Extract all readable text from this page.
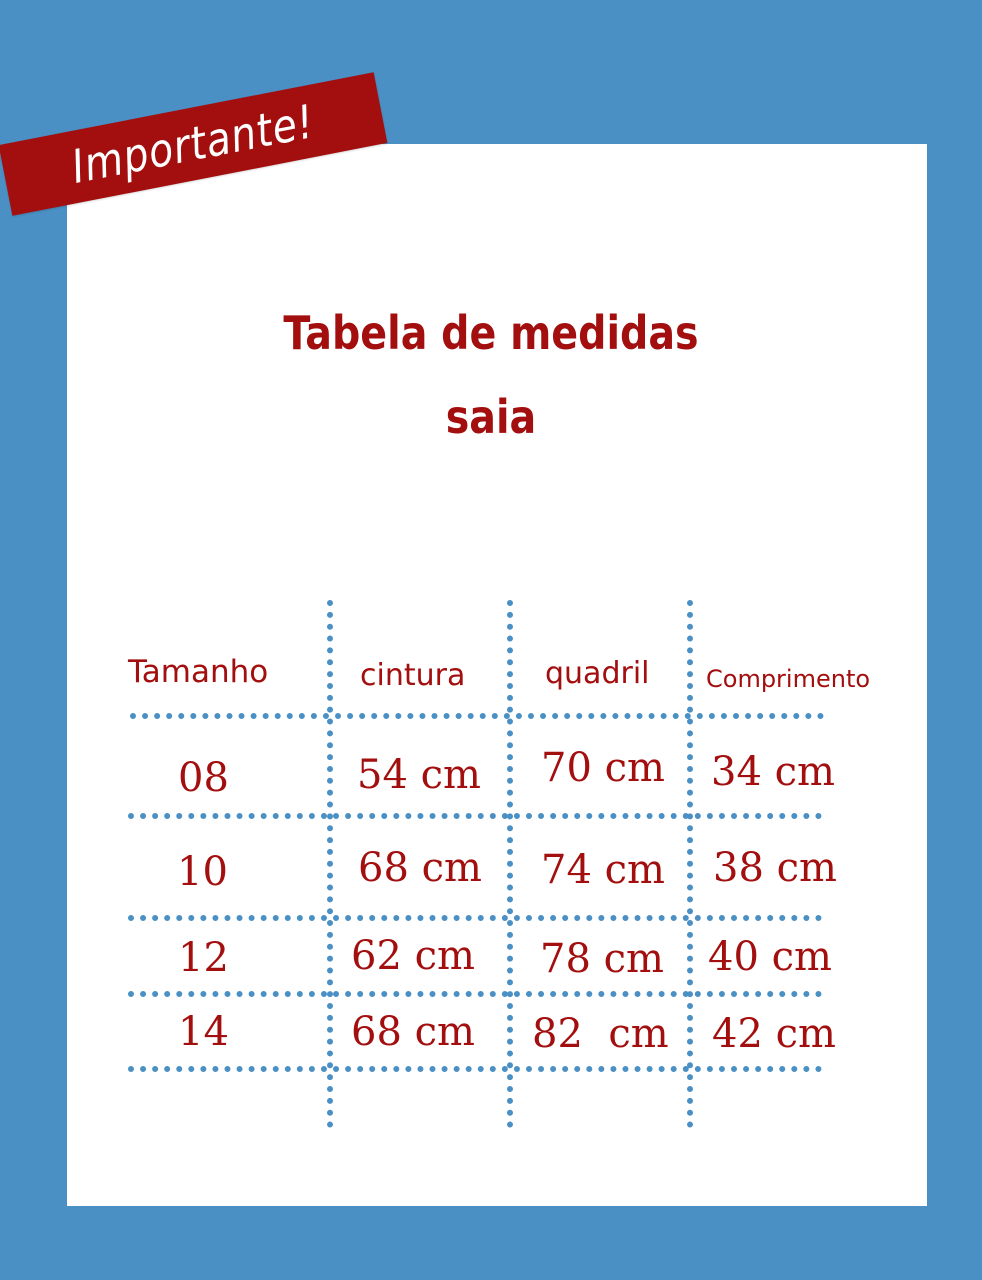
Importante!
Tabela de medidas
saia
Tamanho	cintura	quadril Comprimento
08	54 cm 70 cm 34 cm
10	68 cm 74 cm 38 cm
12	62 cm 78 cm 40 cm
14	68 cm 82  cm 42 cm
